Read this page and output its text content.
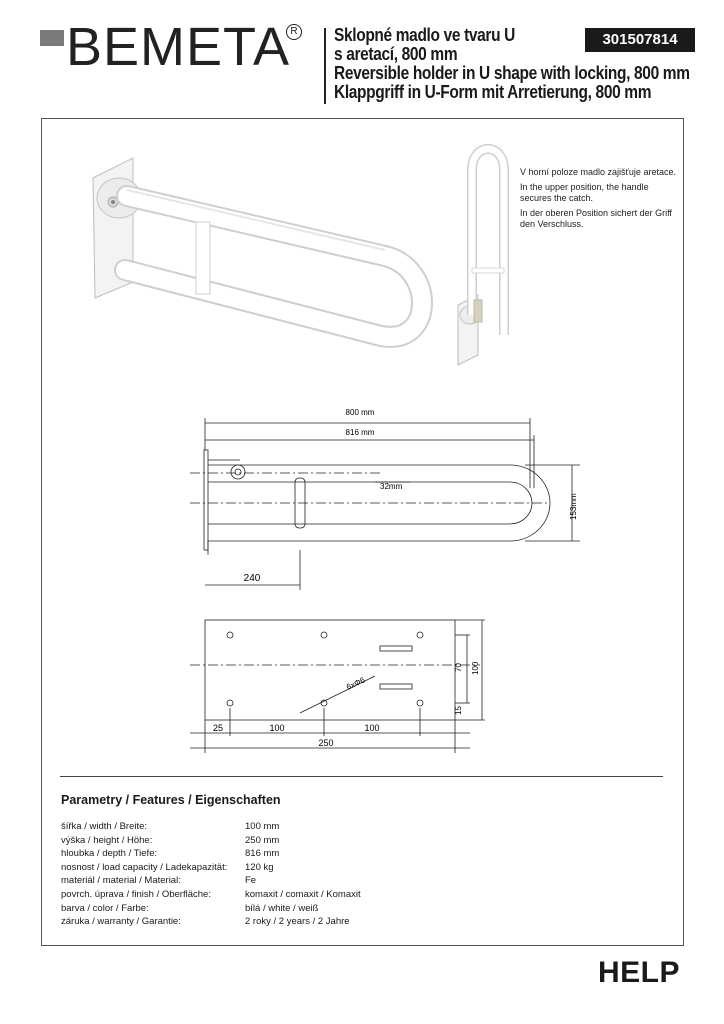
BEMETA R Sklopné madlo ve tvaru U
s aretací, 800 mm
Reversible holder in U shape with locking, 800 mm
Klappgriff in U-Form mit Arretierung, 800 mm
301507814

V horní poloze madlo zajišťuje aretace.

In the upper position, the handle secures the catch.

In der oberen Position sichert der Griff den Verschluss.

800 mm
816 mm
32mm
153mm
240
6xΦ6
70 100
15
25	100	100
250
Parametry / Features / Eigenschaften
šířka / width / Breite:	100 mm
výška / height / Höhe:	250 mm
hloubka / depth / Tiefe:	816 mm
nosnost / load capacity / Ladekapazität:	120 kg
materiál / material / Material:	Fe
povrch. úprava / finish / Oberfläche:	komaxit / comaxit / Komaxit
barva / color / Farbe:	bílá / white / weiß
záruka / warranty / Garantie:	2 roky / 2 years / 2 Jahre
HELP
